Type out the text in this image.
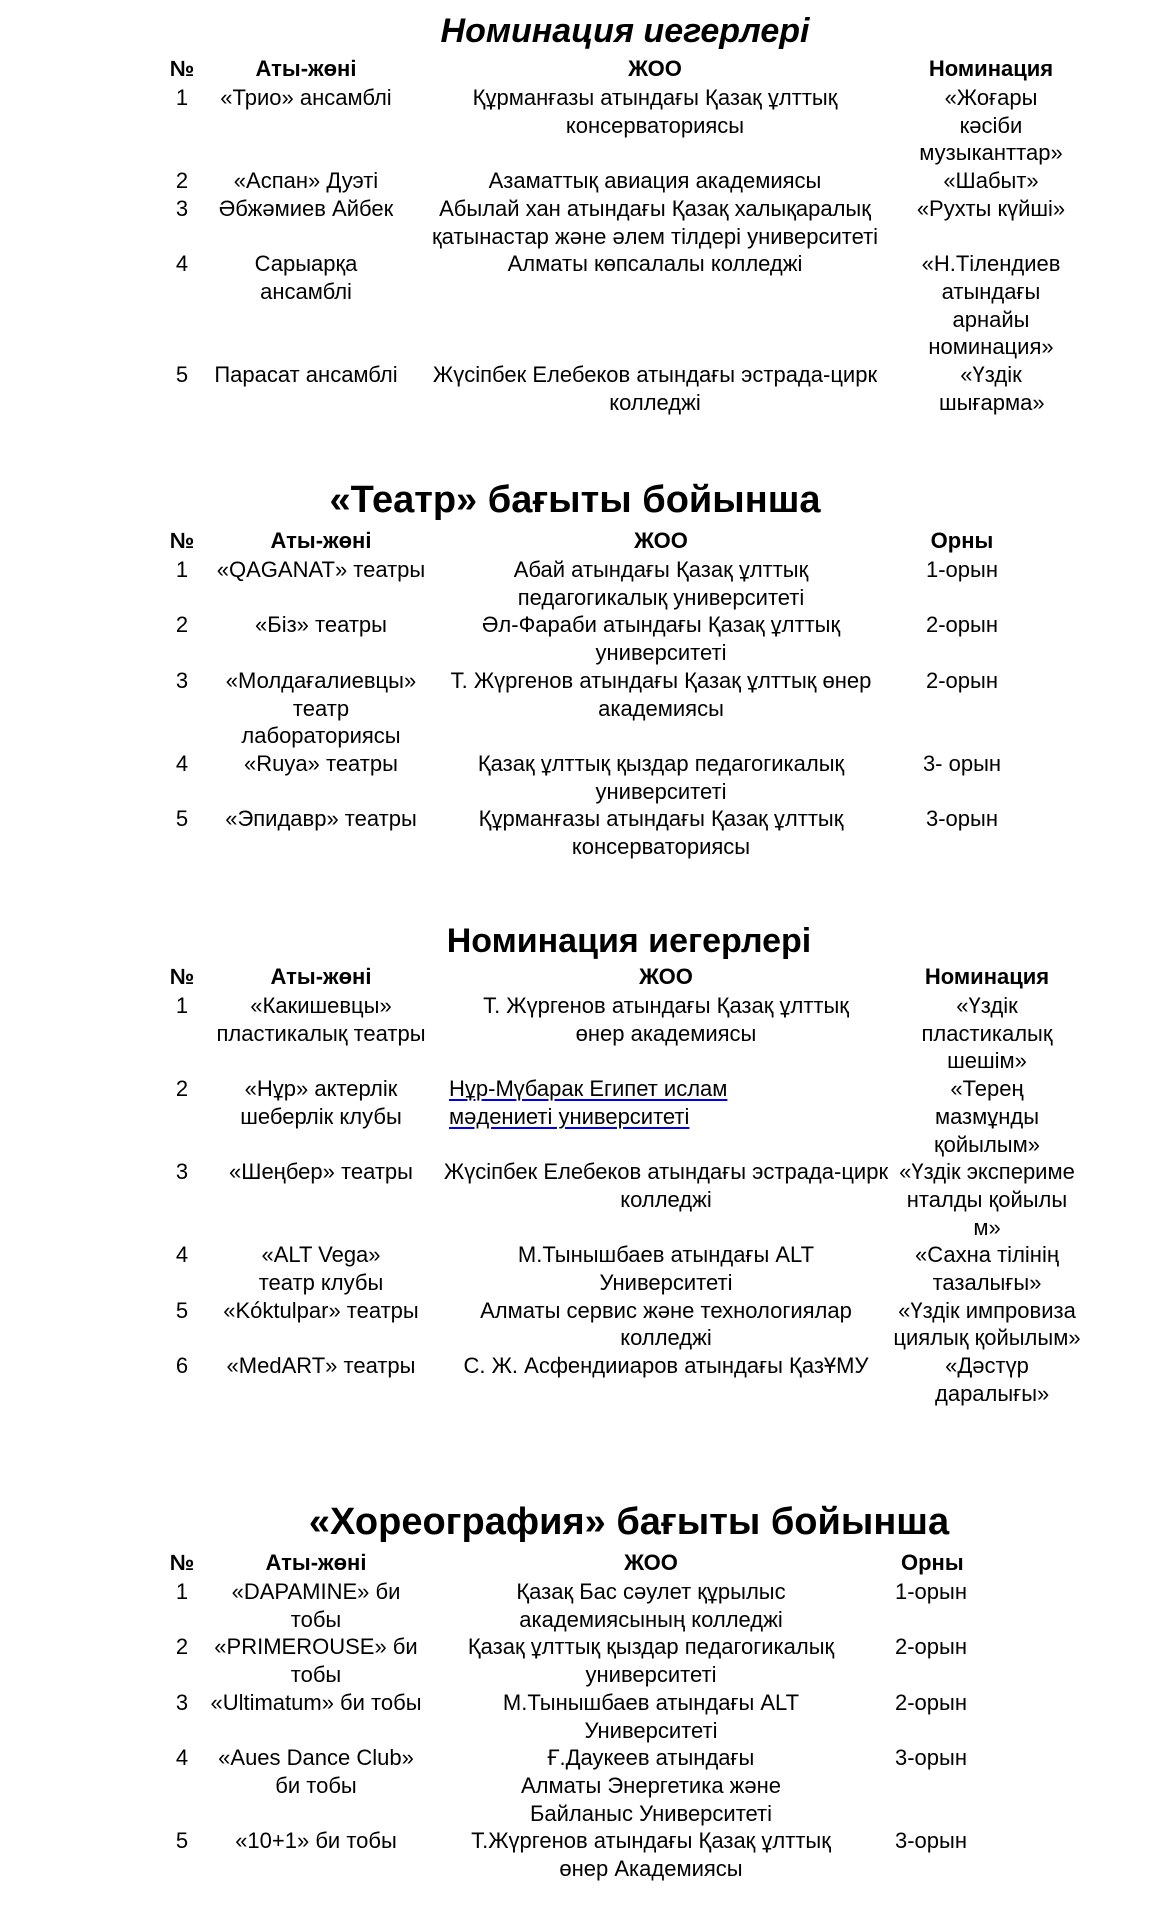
Номинация иегерлері
№	Аты-жөні	ЖОО	Номинация
1	«Трио» ансамблі	Құрманғазы атындағы Қазақ ұлттық консерваториясы	«Жоғары кәсіби музыканттар»
2	«Аспан» Дуэті	Азаматтық авиация академиясы	«Шабыт»
3	Әбжәмиев Айбек	Абылай хан атындағы Қазақ халықаралық қатынастар және әлем тілдері университеті	«Рухты күйші»
4	Сарыарқа ансамблі	Алматы көпсалалы колледжі	«Н.Тілендиев атындағы арнайы номинация»
5	Парасат ансамблі	Жүсіпбек Елебеков атындағы эстрада-цирк колледжі	«Үздік шығарма»
«Театр» бағыты бойынша
№	Аты-жөні	ЖОО	Орны
1	«QAGANAT» театры	Абай атындағы Қазақ ұлттық педагогикалық университеті	1-орын
2	«Біз» театры	Әл-Фараби атындағы Қазақ ұлттық университеті	2-орын
3	«Молдағалиевцы» театр лабораториясы	Т. Жүргенов атындағы Қазақ ұлттық өнер академиясы	2-орын
4	«Ruya» театры	Қазақ ұлттық қыздар педагогикалық университеті	3- орын
5	«Эпидавр» театры	Құрманғазы атындағы Қазақ ұлттық консерваториясы	3-орын
Номинация иегерлері
№	Аты-жөні	ЖОО	Номинация
1	«Какишевцы» пластикалық театры	Т. Жүргенов атындағы Қазақ ұлттық өнер академиясы	«Үздік пластикалық шешім»
2	«Нұр» актерлік шеберлік клубы	Нұр-Мүбарак Египет ислам мәдениеті университеті	«Терең мазмұнды қойылым»
3	«Шеңбер» театры	Жүсіпбек Елебеков атындағы эстрада-цирк колледжі	«Үздік эксперименталды қойылым»
4	«ALT Vega» театр клубы	М.Тынышбаев атындағы ALT Университеті	«Сахна тілінің тазалығы»
5	«Kóktulpar» театры	Алматы сервис және технологиялар колледжі	«Үздік импровизациялық қойылым»
6	«MedART» театры	С. Ж. Асфендииаров атындағы ҚазҰМУ	«Дәстүр даралығы»
«Хореография» бағыты бойынша
№	Аты-жөні	ЖОО	Орны
1	«DAPAMINE» би тобы	Қазақ Бас сәулет құрылыс академиясының колледжі	1-орын
2	«PRIMEROUSE» би тобы	Қазақ ұлттық қыздар педагогикалық университеті	2-орын
3	«Ultimatum» би тобы	М.Тынышбаев атындағы ALT Университеті	2-орын
4	«Aues Dance Club» би тобы	Ғ.Даукеев атындағы Алматы Энергетика және Байланыс Университеті	3-орын
5	«10+1» би тобы	Т.Жүргенов атындағы Қазақ ұлттық өнер Академиясы	3-орын
